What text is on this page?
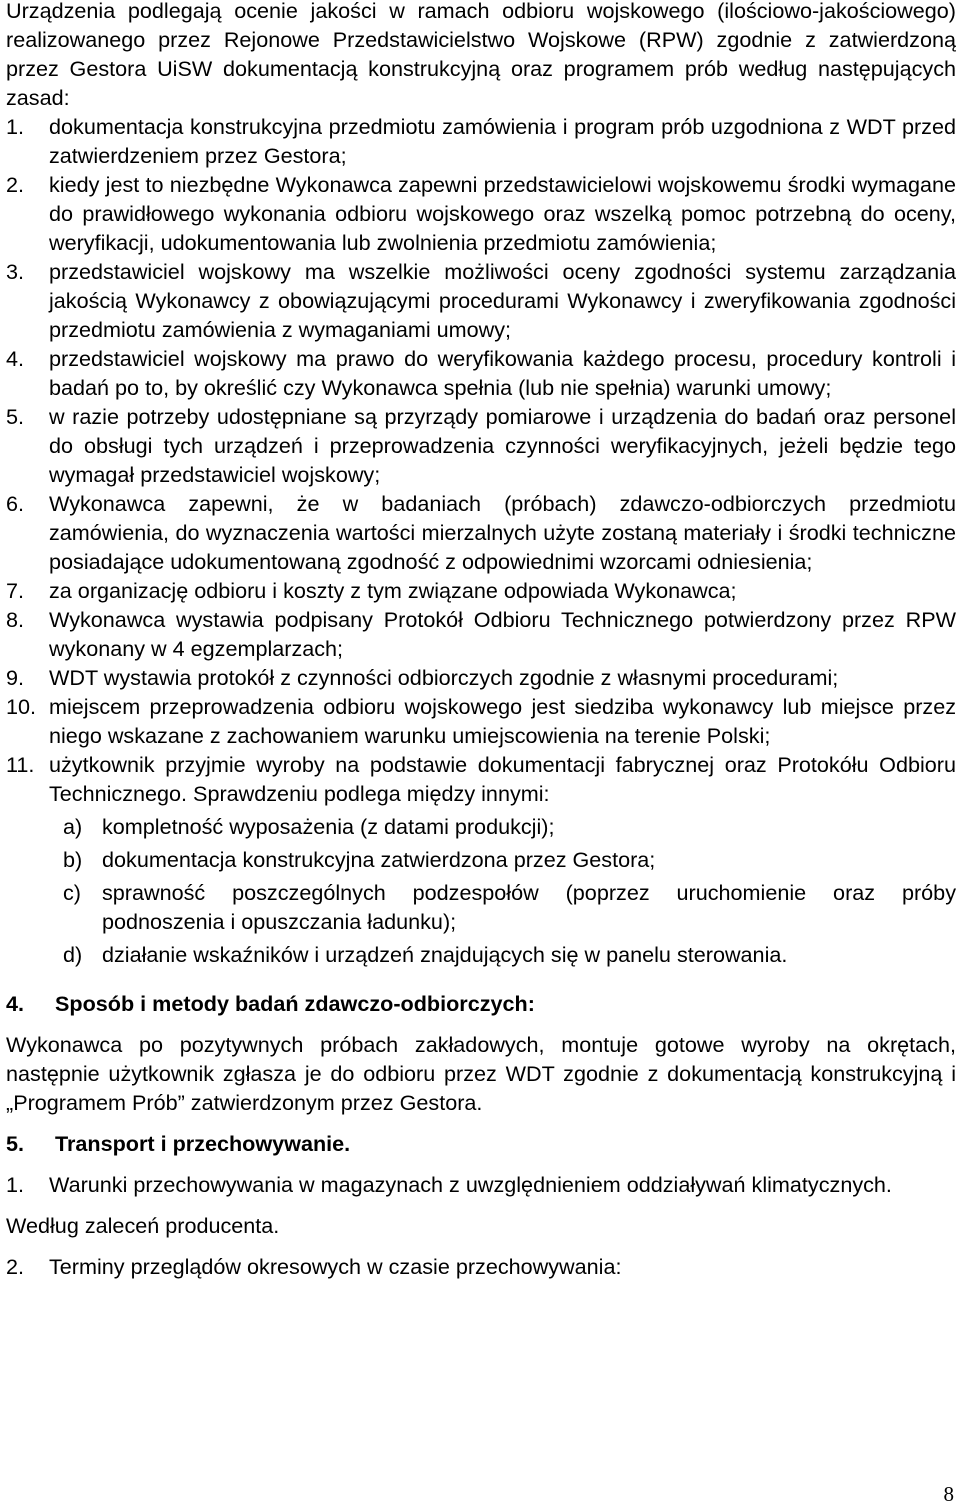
Urządzenia podlegają ocenie jakości w ramach odbioru wojskowego (ilościowo-jakościowego) realizowanego przez Rejonowe Przedstawicielstwo Wojskowe (RPW) zgodnie z zatwierdzoną przez Gestora UiSW dokumentacją konstrukcyjną oraz programem prób według następujących zasad:

1.	dokumentacja konstrukcyjna przedmiotu zamówienia i program prób uzgodniona z WDT przed zatwierdzeniem przez Gestora;
2.	kiedy jest to niezbędne Wykonawca zapewni przedstawicielowi wojskowemu środki wymagane do prawidłowego wykonania odbioru wojskowego oraz wszelką pomoc potrzebną do oceny, weryfikacji, udokumentowania lub zwolnienia przedmiotu zamówienia;
3.	przedstawiciel wojskowy ma wszelkie możliwości oceny zgodności systemu zarządzania jakością Wykonawcy z obowiązującymi procedurami Wykonawcy i zweryfikowania zgodności przedmiotu zamówienia z wymaganiami umowy;
4.	przedstawiciel wojskowy ma prawo do weryfikowania każdego procesu, procedury kontroli i badań po to, by określić czy Wykonawca spełnia (lub nie spełnia) warunki umowy;
5.	w razie potrzeby udostępniane są przyrządy pomiarowe i urządzenia do badań oraz personel do obsługi tych urządzeń i przeprowadzenia czynności weryfikacyjnych, jeżeli będzie tego wymagał przedstawiciel wojskowy;
6.	Wykonawca zapewni, że w badaniach (próbach) zdawczo-odbiorczych przedmiotu zamówienia, do wyznaczenia wartości mierzalnych użyte zostaną materiały i środki techniczne posiadające udokumentowaną zgodność z odpowiednimi wzorcami odniesienia;
7.	za organizację odbioru i koszty z tym związane odpowiada Wykonawca;
8.	Wykonawca wystawia podpisany Protokół Odbioru Technicznego potwierdzony przez RPW wykonany w 4 egzemplarzach;
9.	WDT wystawia protokół z czynności odbiorczych zgodnie z własnymi procedurami;
10. miejscem przeprowadzenia odbioru wojskowego jest siedziba wykonawcy lub miejsce przez niego wskazane z zachowaniem warunku umiejscowienia na terenie Polski;
11. użytkownik przyjmie wyroby na podstawie dokumentacji fabrycznej oraz Protokółu Odbioru Technicznego. Sprawdzeniu podlega między innymi:
a) kompletność wyposażenia (z datami produkcji);
b) dokumentacja konstrukcyjna zatwierdzona przez Gestora;
c) sprawność poszczególnych podzespołów (poprzez uruchomienie oraz próby podnoszenia i opuszczania ładunku);
d) działanie wskaźników i urządzeń znajdujących się w panelu sterowania.
4.	Sposób i metody badań zdawczo-odbiorczych:

Wykonawca po pozytywnych próbach zakładowych, montuje gotowe wyroby na okrętach, następnie użytkownik zgłasza je do odbioru przez WDT zgodnie z dokumentacją konstrukcyjną i „Programem Prób” zatwierdzonym przez Gestora.

5.	Transport i przechowywanie.
1.	Warunki przechowywania w magazynach z uwzględnieniem oddziaływań klimatycznych.

Według zaleceń producenta.

2.	Terminy przeglądów okresowych w czasie przechowywania:
8
